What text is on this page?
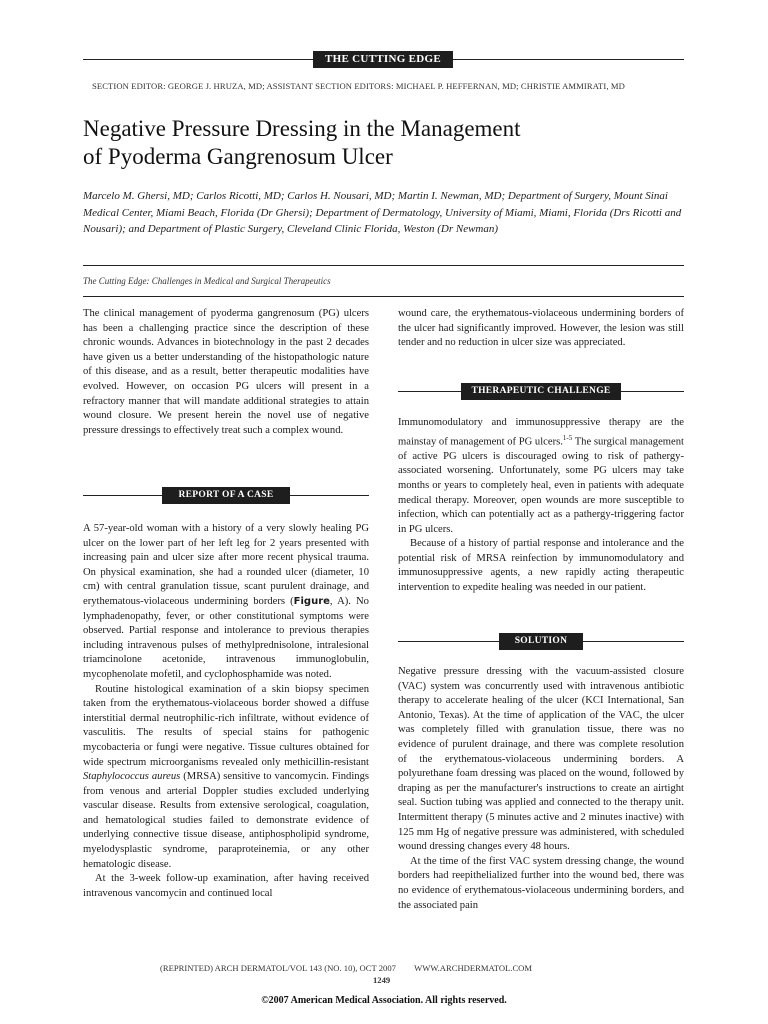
THE CUTTING EDGE
SECTION EDITOR: GEORGE J. HRUZA, MD; ASSISTANT SECTION EDITORS: MICHAEL P. HEFFERNAN, MD; CHRISTIE AMMIRATI, MD
Negative Pressure Dressing in the Management
of Pyoderma Gangrenosum Ulcer
Marcelo M. Ghersi, MD; Carlos Ricotti, MD; Carlos H. Nousari, MD; Martin I. Newman, MD; Department of Surgery, Mount Sinai Medical Center, Miami Beach, Florida (Dr Ghersi); Department of Dermatology, University of Miami, Miami, Florida (Drs Ricotti and Nousari); and Department of Plastic Surgery, Cleveland Clinic Florida, Weston (Dr Newman)
The Cutting Edge: Challenges in Medical and Surgical Therapeutics

The clinical management of pyoderma gangrenosum (PG) ulcers has been a challenging practice since the description of these chronic wounds. Advances in biotechnology in the past 2 decades have given us a better understanding of the histopathologic nature of this disease, and as a result, better therapeutic modalities have evolved. However, on occasion PG ulcers will present in a refractory manner that will mandate additional strategies to attain wound closure. We present herein the novel use of negative pressure dressings to effectively treat such a complex wound.

REPORT OF A CASE

A 57-year-old woman with a history of a very slowly healing PG ulcer on the lower part of her left leg for 2 years presented with increasing pain and ulcer size after more recent physical trauma. On physical examination, she had a rounded ulcer (diameter, 10 cm) with central granulation tissue, scant purulent drainage, and erythematous-violaceous undermining borders (Figure, A). No lymphadenopathy, fever, or other constitutional symptoms were observed. Partial response and intolerance to previous therapies including intravenous pulses of methylprednisolone, intralesional triamcinolone acetonide, intravenous immunoglobulin, mycophenolate mofetil, and cyclophosphamide was noted.

Routine histological examination of a skin biopsy specimen taken from the erythematous-violaceous border showed a diffuse interstitial dermal neutrophilic-rich infiltrate, without evidence of vasculitis. The results of special stains for pathogenic mycobacteria or fungi were negative. Tissue cultures obtained for wide spectrum microorganisms revealed only methicillin-resistant Staphylococcus aureus (MRSA) sensitive to vancomycin. Findings from venous and arterial Doppler studies excluded underlying vascular disease. Results from extensive serological, coagulation, and hematological studies failed to demonstrate evidence of underlying connective tissue disease, antiphospholipid syndrome, myelodysplastic syndrome, paraproteinemia, or any other hematologic disease.

At the 3-week follow-up examination, after having received intravenous vancomycin and continued local

wound care, the erythematous-violaceous undermining borders of the ulcer had significantly improved. However, the lesion was still tender and no reduction in ulcer size was appreciated.

THERAPEUTIC CHALLENGE

Immunomodulatory and immunosuppressive therapy are the mainstay of management of PG ulcers.$^{1-5}$ The surgical management of active PG ulcers is discouraged owing to risk of pathergy-associated worsening. Unfortunately, some PG ulcers may take months or years to completely heal, even in patients with adequate medical therapy. Moreover, open wounds are more susceptible to infection, which can potentially act as a pathergy-triggering factor in PG ulcers.

Because of a history of partial response and intolerance and the potential risk of MRSA reinfection by immunomodulatory and immunosuppressive agents, a new rapidly acting therapeutic intervention to expedite healing was needed in our patient.

SOLUTION

Negative pressure dressing with the vacuum-assisted closure (VAC) system was concurrently used with intravenous antibiotic therapy to accelerate healing of the ulcer (KCI International, San Antonio, Texas). At the time of application of the VAC, the ulcer was completely filled with granulation tissue, there was no evidence of purulent drainage, and there was complete resolution of the erythematous-violaceous undermining borders. A polyurethane foam dressing was placed on the wound, followed by draping as per the manufacturer's instructions to create an airtight seal. Suction tubing was applied and connected to the therapy unit. Intermittent therapy (5 minutes active and 2 minutes inactive) with 125 mm Hg of negative pressure was administered, with scheduled wound dressing changes every 48 hours.

At the time of the first VAC system dressing change, the wound borders had reepithelialized further into the wound bed, there was no evidence of erythematous-violaceous undermining borders, and the associated pain

(REPRINTED) ARCH DERMATOL/VOL 143 (NO. 10), OCT 2007 WWW.ARCHDERMATOL.COM
1249
©2007 American Medical Association. All rights reserved.
